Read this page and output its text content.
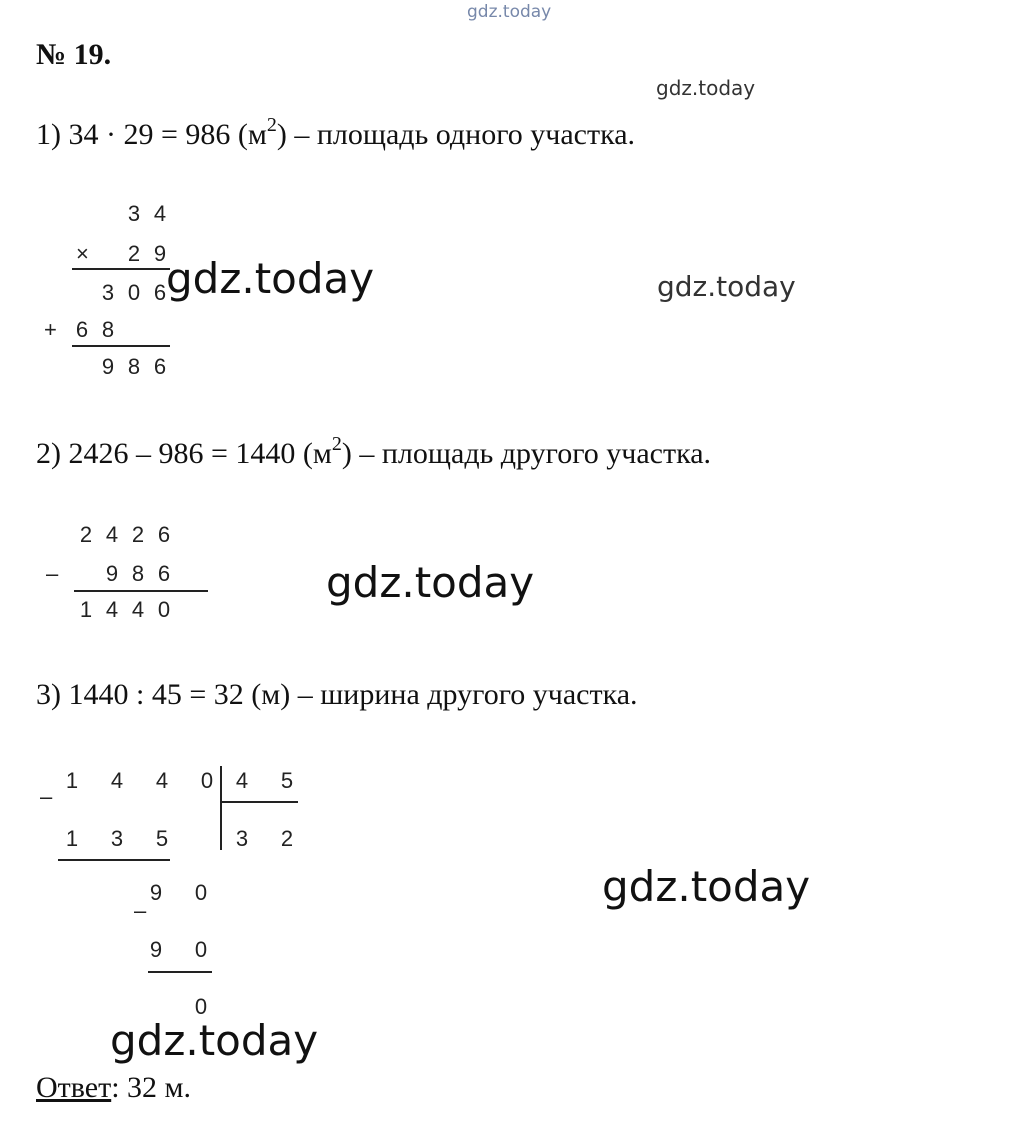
№ 19.
1) 34 · 29 = 986 $(м^2)$ – площадь одного участка.
2) 2426 – 986 = 1440 $(м^2)$ – площадь другого участка.
3) 1440 : 45 = 32 (м) – ширина другого участка.
Ответ: 32 м.
3 4
2 9
3 0 6
6 8
9 8 6
×
+
2 4 2 6
9 8 6
1 4 4 0
–
1 4 4 0 4 5
3 2
1 3 5
9 0
9 0
0
–
–
gdz.today
gdz.today
gdz.today	gdz.today
gdz.today
gdz.today
gdz.today
